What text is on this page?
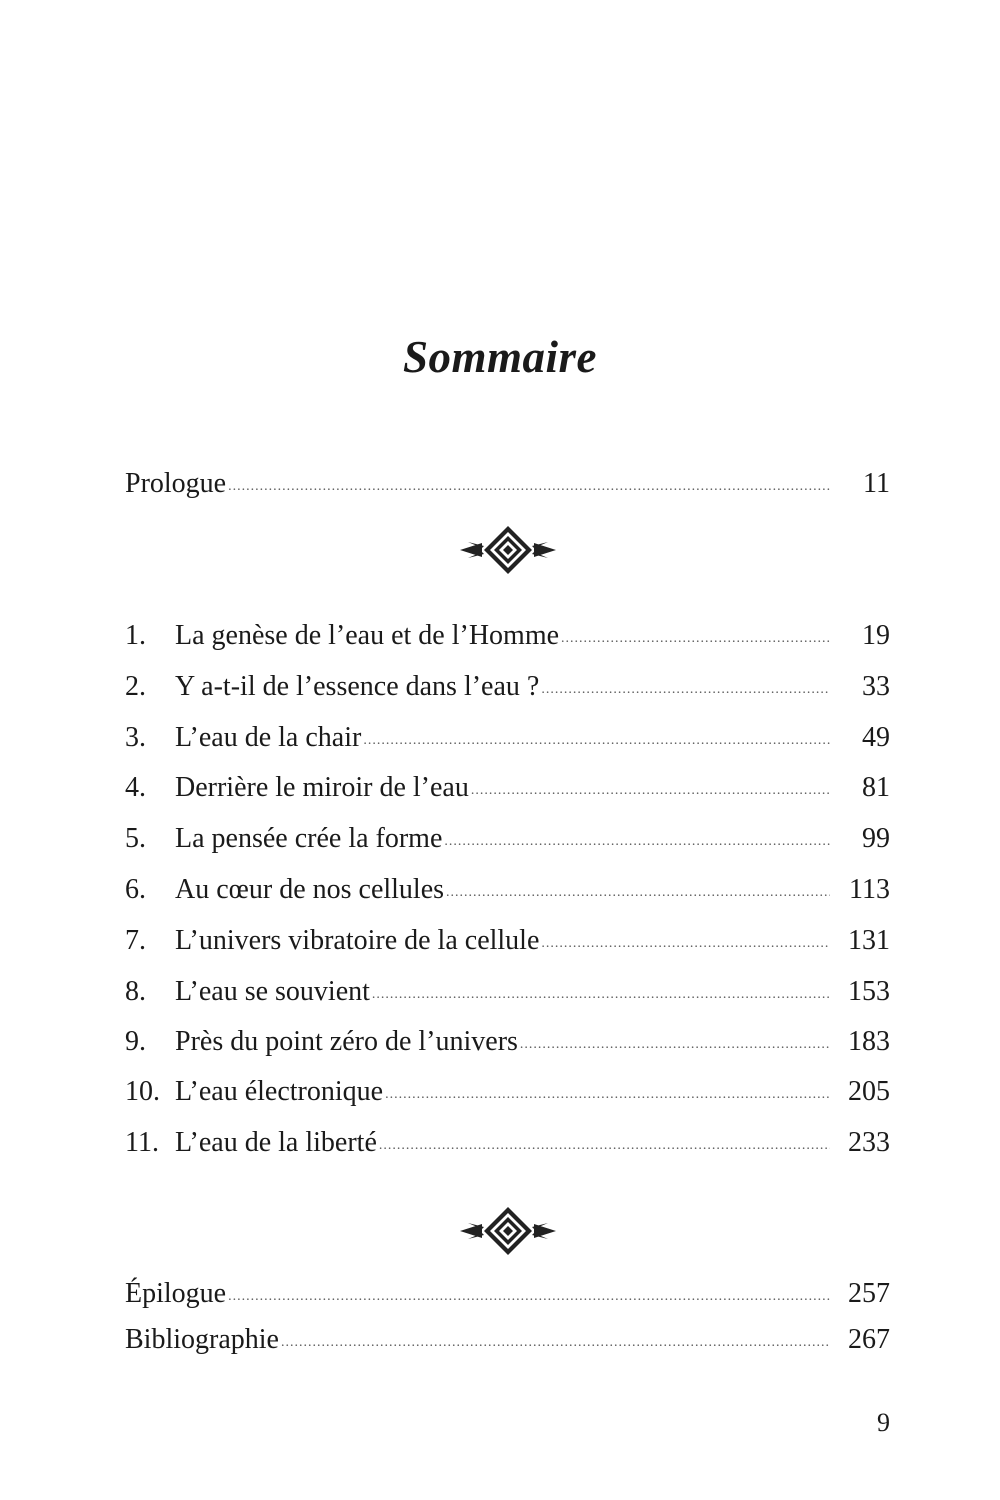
Sommaire
Prologue .....	11
1.	La genèse de l’eau et de l’Homme .....	19
2.	Y a-t-il de l’essence dans l’eau ? .....	33
3.	L’eau de la chair .....	49
4.	Derrière le miroir de l’eau .....	81
5.	La pensée crée la forme .....	99
6.	Au cœur de nos cellules .....	113
7.	L’univers vibratoire de la cellule .....	131
8.	L’eau se souvient .....	153
9.	Près du point zéro de l’univers .....	183
10. L’eau électronique .....	205
11. L’eau de la liberté .....	233
Épilogue .....	257
Bibliographie .....	267
9
